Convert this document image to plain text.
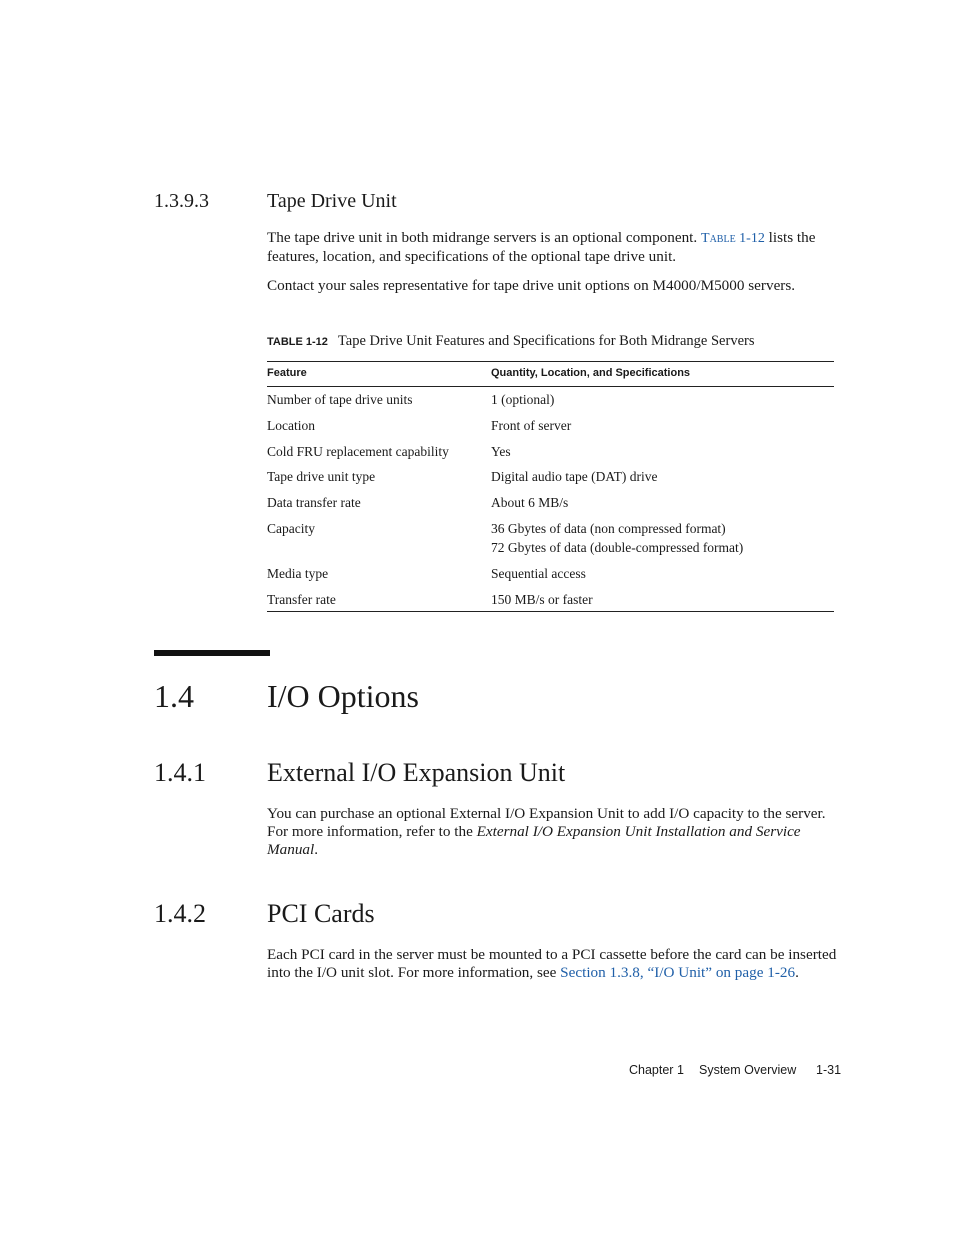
1.3.9.3	Tape Drive Unit

The tape drive unit in both midrange servers is an optional component. Table 1-12 lists the features, location, and specifications of the optional tape drive unit.

Contact your sales representative for tape drive unit options on M4000/M5000 servers.
TABLE 1-12 Tape Drive Unit Features and Specifications for Both Midrange Servers
Feature	Quantity, Location, and Specifications
Number of tape drive units	1 (optional)
Location	Front of server
Cold FRU replacement capability	Yes
Tape drive unit type	Digital audio tape (DAT) drive
Data transfer rate	About 6 MB/s
Capacity	36 Gbytes of data (non compressed format)
72 Gbytes of data (double-compressed format)
Media type	Sequential access
Transfer rate	150 MB/s or faster
1.4 I/O Options
1.4.1 External I/O Expansion Unit

You can purchase an optional External I/O Expansion Unit to add I/O capacity to the server. For more information, refer to the External I/O Expansion Unit Installation and Service Manual.

1.4.2 PCI Cards

Each PCI card in the server must be mounted to a PCI cassette before the card can be inserted into the I/O unit slot. For more information, see Section 1.3.8, “I/O Unit” on page 1-26.

Chapter 1 System Overview 1-31
